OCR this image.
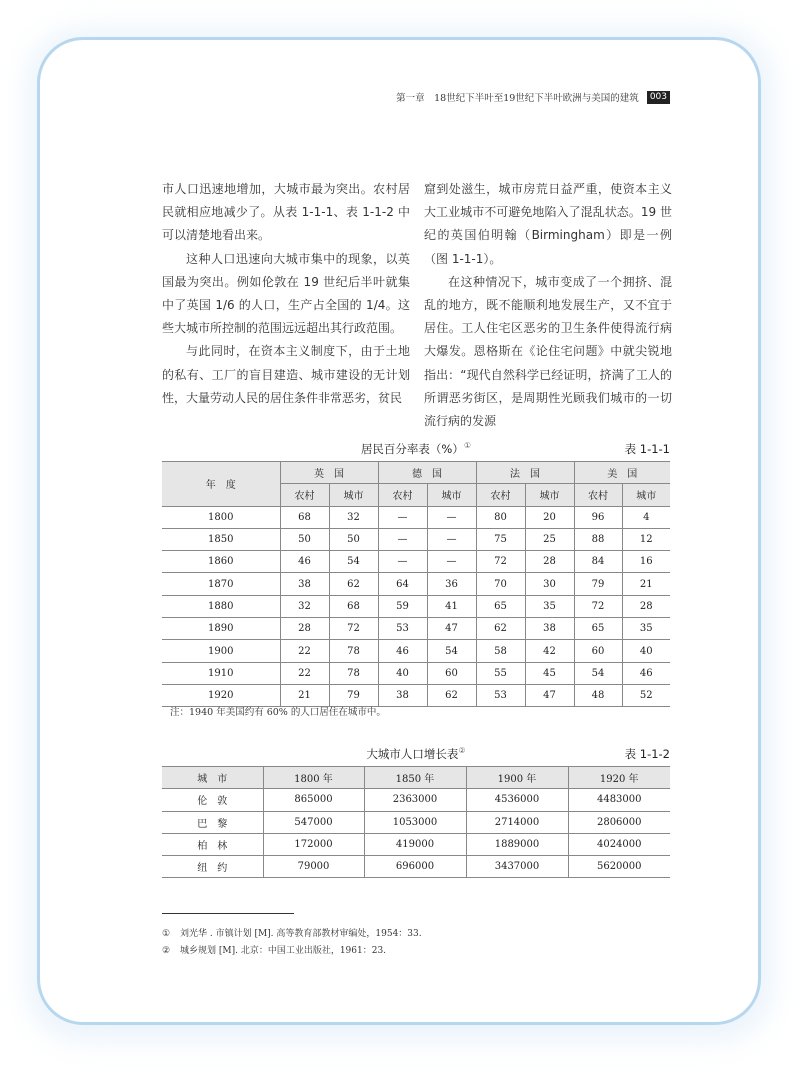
第一章　18世纪下半叶至19世纪下半叶欧洲与美国的建筑	003

市人口迅速地增加，大城市最为突出。农村居民就相应地减少了。从表 1-1-1、表 1-1-2 中可以清楚地看出来。

这种人口迅速向大城市集中的现象，以英国最为突出。例如伦敦在 19 世纪后半叶就集中了英国 1/6 的人口，生产占全国的 1/4。这些大城市所控制的范围远远超出其行政范围。

与此同时，在资本主义制度下，由于土地的私有、工厂的盲目建造、城市建设的无计划性，大量劳动人民的居住条件非常恶劣，贫民

窟到处滋生，城市房荒日益严重，使资本主义大工业城市不可避免地陷入了混乱状态。19 世纪的英国伯明翰（Birmingham）即是一例（图 1-1-1）。

在这种情况下，城市变成了一个拥挤、混乱的地方，既不能顺利地发展生产，又不宜于居住。工人住宅区恶劣的卫生条件使得流行病大爆发。恩格斯在《论住宅问题》中就尖锐地指出：“现代自然科学已经证明，挤满了工人的所谓恶劣街区，是周期性光顾我们城市的一切流行病的发源

居民百分率表（%）①	表 1-1-1
年　度	英　国		德　国		法　国		美　国	
	农村	城市	农村	城市	农村	城市	农村	城市
1800	68	32	—	—	80	20	96	4
1850	50	50	—	—	75	25	88	12
1860	46	54	—	—	72	28	84	16
1870	38	62	64	36	70	30	79	21
1880	32	68	59	41	65	35	72	28
1890	28	72	53	47	62	38	65	35
1900	22	78	46	54	58	42	60	40
1910	22	78	40	60	55	45	54	46
1920	21	79	38	62	53	47	48	52
注：1940 年美国约有 60% 的人口居住在城市中。
大城市人口增长表②	表 1-1-2
城　市	1800 年	1850 年	1900 年	1920 年
伦　敦	865000	2363000	4536000	4483000
巴　黎	547000	1053000	2714000	2806000
柏　林	172000	419000	1889000	4024000
纽　约	79000	696000	3437000	5620000
① 刘光华 . 市镇计划 [M]. 高等教育部教材审编处，1954：33.
② 城乡规划 [M]. 北京：中国工业出版社，1961：23.
